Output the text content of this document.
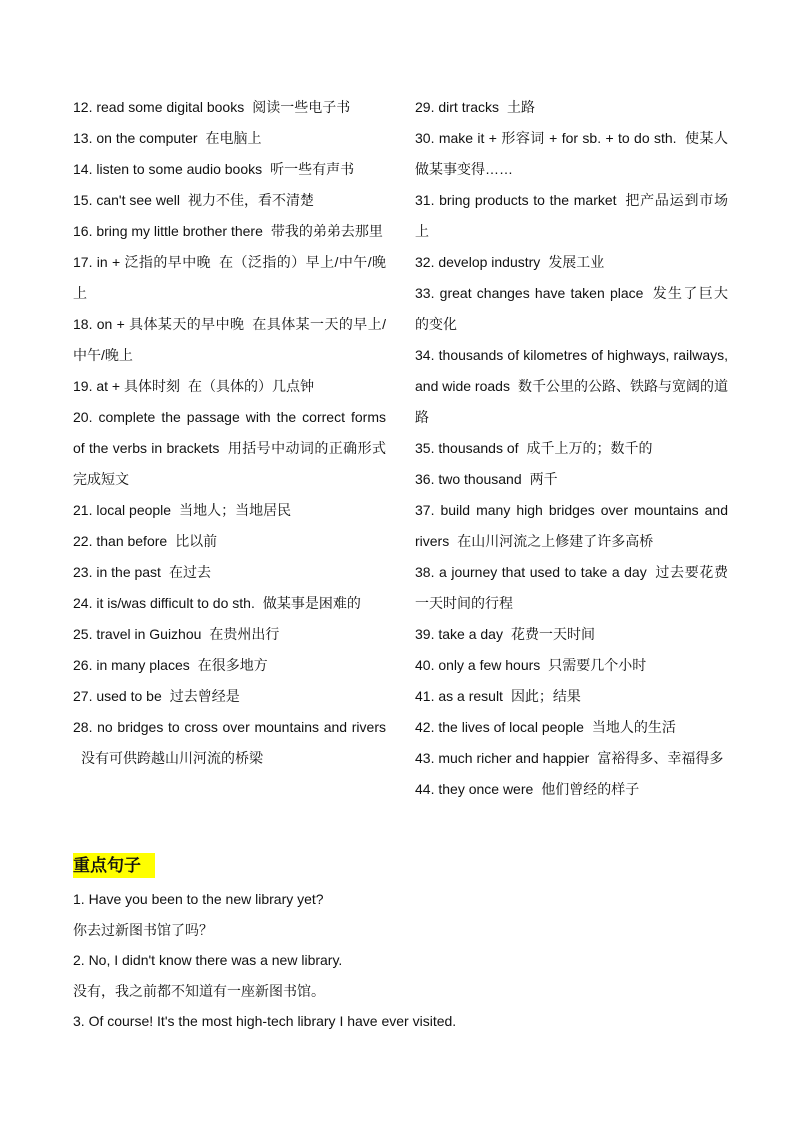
12. read some digital books 阅读一些电子书
13. on the computer 在电脑上
14. listen to some audio books 听一些有声书
15. can't see well 视力不佳，看不清楚
16. bring my little brother there 带我的弟弟去那里
17. in + 泛指的早中晚 在（泛指的）早上/中午/晚上
18. on + 具体某天的早中晚 在具体某一天的早上/中午/晚上
19. at + 具体时刻 在（具体的）几点钟
20. complete the passage with the correct forms of the verbs in brackets 用括号中动词的正确形式完成短文
21. local people 当地人；当地居民
22. than before 比以前
23. in the past 在过去
24. it is/was difficult to do sth. 做某事是困难的
25. travel in Guizhou 在贵州出行
26. in many places 在很多地方
27. used to be 过去曾经是
28. no bridges to cross over mountains and rivers没有可供跨越山川河流的桥梁
29. dirt tracks 土路
30. make it + 形容词 + for sb. + to do sth. 使某人做某事变得……
31. bring products to the market 把产品运到市场上
32. develop industry 发展工业
33. great changes have taken place 发生了巨大的变化
34. thousands of kilometres of highways, railways, and wide roads 数千公里的公路、铁路与宽阔的道路
35. thousands of 成千上万的；数千的
36. two thousand 两千
37. build many high bridges over mountains and rivers 在山川河流之上修建了许多高桥
38. a journey that used to take a day 过去要花费一天时间的行程
39. take a day 花费一天时间
40. only a few hours 只需要几个小时
41. as a result 因此；结果
42. the lives of local people 当地人的生活
43. much richer and happier 富裕得多、幸福得多
44. they once were 他们曾经的样子
重点句子

1. Have you been to the new library yet?

你去过新图书馆了吗？

2. No, I didn't know there was a new library.

没有，我之前都不知道有一座新图书馆。

3. Of course! It's the most high-tech library I have ever visited.
